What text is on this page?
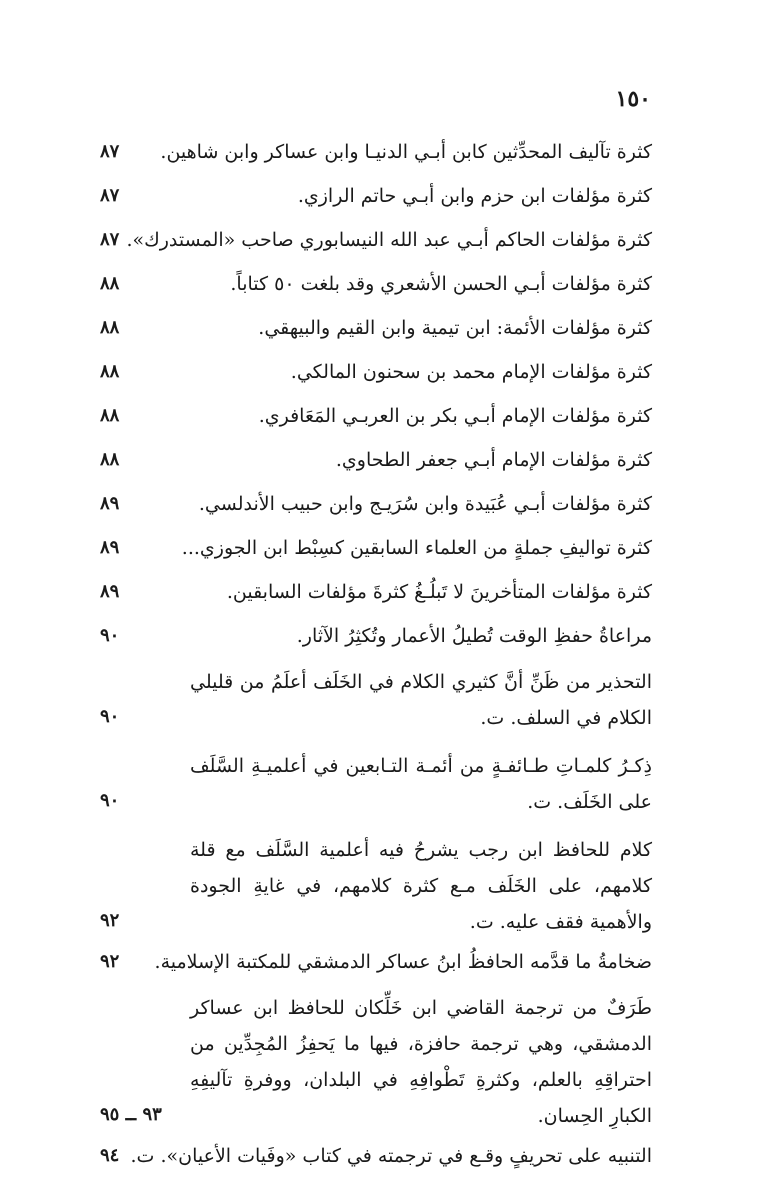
١٥٠
كثرة تآليف المحدِّثين كابن أبـي الدنيـا وابن عساكر وابن شاهين.
٨٧
كثرة مؤلفات ابن حزم وابن أبـي حاتم الرازي.
٨٧
كثرة مؤلفات الحاكم أبـي عبد الله النيسابوري صاحب «المستدرك».
٨٧
كثرة مؤلفات أبـي الحسن الأشعري وقد بلغت ٥٠ كتاباً.
٨٨
كثرة مؤلفات الأئمة: ابن تيمية وابن القيم والبيهقي.
٨٨
كثرة مؤلفات الإمام محمد بن سحنون المالكي.
٨٨
كثرة مؤلفات الإمام أبـي بكر بن العربـي المَعَافري.
٨٨
كثرة مؤلفات الإمام أبـي جعفر الطحاوي.
٨٨
كثرة مؤلفات أبـي عُبَيدة وابن سُرَيـج وابن حبيب الأندلسي.
٨٩
كثرة تواليفِ جملةٍ من العلماء السابقين كسِبْط ابن الجوزي...
٨٩
كثرة مؤلفات المتأخرينَ لا تَبلُـغُ كثرةَ مؤلفات السابقين.
٨٩
مراعاةُ حفظِ الوقت تُطيلُ الأعمار وتُكثِرُ الآثار.
٩٠
التحذير من ظَنِّ أنَّ كثيري الكلام في الخَلَف أعلَمُ من قليلي الكلام في السلف. ت.
٩٠
ذِكـرُ كلمـاتِ طـائفـةٍ من أئمـة التـابعين في أعلميـةِ السَّلَف على الخَلَف. ت.
٩٠
كلام للحافظ ابن رجب يشرحُ فيه أعلمية السَّلَف مع قلة كلامهم، على الخَلَف مـع كثرة كلامهم، في غايةِ الجودة والأهمية فقف عليه. ت.
٩٢
ضخامةُ ما قدَّمه الحافظُ ابنُ عساكر الدمشقي للمكتبة الإسلامية.
٩٢
طَرَفٌ من ترجمة القاضي ابن خَلِّكان للحافظ ابن عساكر الدمشقي، وهي ترجمة حافزة، فيها ما يَحفِزُ المُجِدِّين من احتراقِهِ بالعلم، وكثرةِ تَطْوافِهِ في البلدان، ووفرةِ تآليفِهِ الكبارِ الحِسان.
٩٣ ــ ٩٥
التنبيه على تحريفٍ وقـع في ترجمته في كتاب «وفَيات الأعيان». ت.
٩٤
